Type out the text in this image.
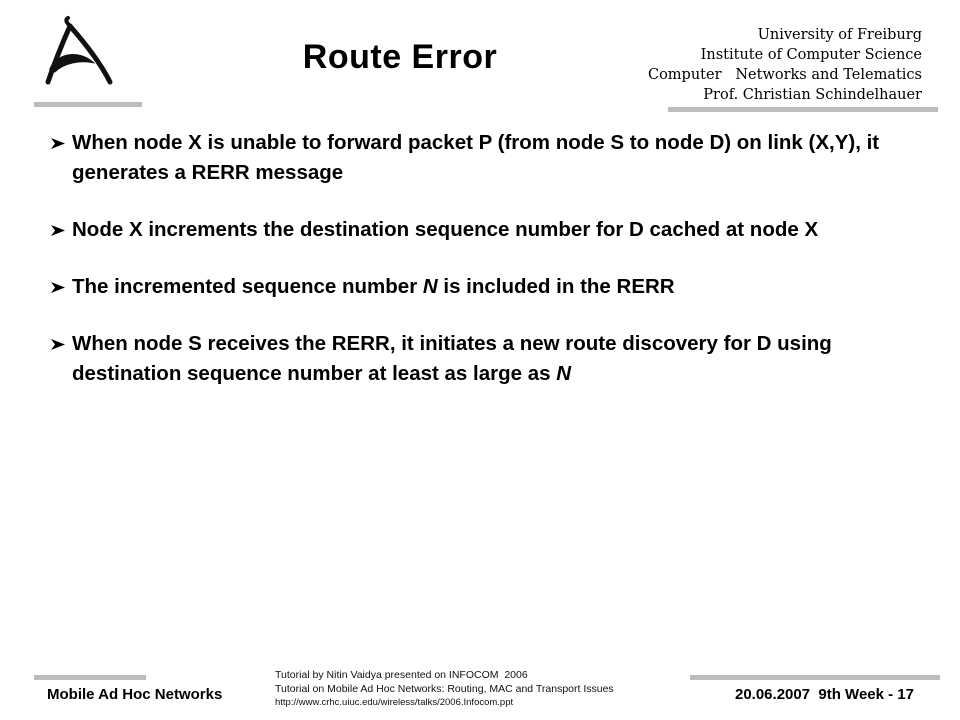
Route Error
University of Freiburg
Institute of Computer Science
Computer   Networks and Telematics
Prof. Christian Schindelhauer
When node X is unable to forward packet P (from node S to node D) on link (X,Y), it generates a RERR message
Node X increments the destination sequence number for D cached at node X
The incremented sequence number N is included in the RERR
When node S receives the RERR, it initiates a new route discovery for D using destination sequence number at least as large as N
Mobile Ad Hoc Networks
Tutorial by Nitin Vaidya presented on INFOCOM  2006
Tutorial on Mobile Ad Hoc Networks: Routing, MAC and Transport Issues
http://www.crhc.uiuc.edu/wireless/talks/2006.Infocom.ppt	20.06.2007  9th Week - 17
